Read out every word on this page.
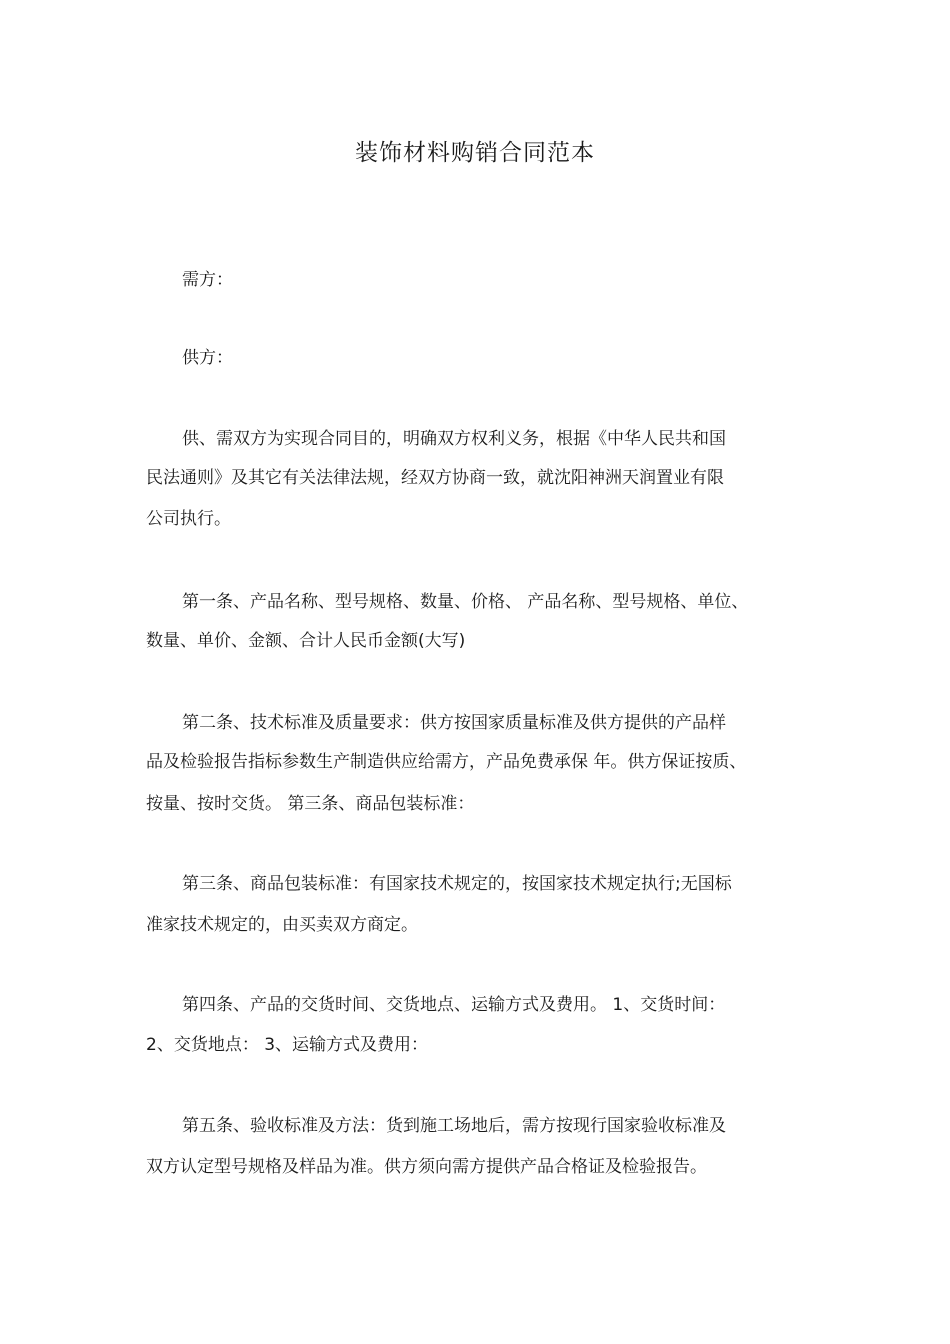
装饰材料购销合同范本
需方：
供方：
供、需双方为实现合同目的，明确双方权利义务，根据《中华人民共和国
民法通则》及其它有关法律法规，经双方协商一致，就沈阳神洲天润置业有限
公司执行。
第一条、产品名称、型号规格、数量、价格、 产品名称、型号规格、单位、
数量、单价、金额、合计人民币金额(大写)
第二条、技术标准及质量要求：供方按国家质量标准及供方提供的产品样
品及检验报告指标参数生产制造供应给需方，产品免费承保 年。供方保证按质、
按量、按时交货。 第三条、商品包装标准：
第三条、商品包装标准：有国家技术规定的，按国家技术规定执行;无国标
准家技术规定的，由买卖双方商定。
第四条、产品的交货时间、交货地点、运输方式及费用。 1、交货时间：
2、交货地点： 3、运输方式及费用：
第五条、验收标准及方法：货到施工场地后，需方按现行国家验收标准及
双方认定型号规格及样品为准。供方须向需方提供产品合格证及检验报告。
